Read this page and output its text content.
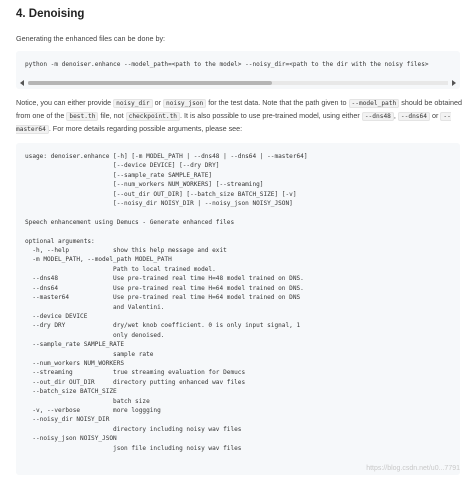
4. Denoising

Generating the enhanced files can be done by:

python -m denoiser.enhance --model_path=<path to the model> --noisy_dir=<path to the dir with the noisy files>

Notice, you can either provide noisy_dir or noisy_json for the test data. Note that the path given to --model_path should be obtained from one of the best.th file, not checkpoint.th . It is also possible to use pre-trained model, using either --dns48 , --dns64 or --master64 . For more details regarding possible arguments, please see:

usage: denoiser.enhance [-h] [-m MODEL_PATH | --dns48 | --dns64 | --master64]
[--device DEVICE] [--dry DRY]
[--sample_rate SAMPLE_RATE]
[--num_workers NUM_WORKERS] [--streaming]
[--out_dir OUT_DIR] [--batch_size BATCH_SIZE] [-v]
[--noisy_dir NOISY_DIR | --noisy_json NOISY_JSON]

Speech enhancement using Demucs - Generate enhanced files

optional arguments:
-h, --help            show this help message and exit
-m MODEL_PATH, --model_path MODEL_PATH
Path to local trained model.
--dns48               Use pre-trained real time H=48 model trained on DNS.
--dns64               Use pre-trained real time H=64 model trained on DNS.
--master64            Use pre-trained real time H=64 model trained on DNS
and Valentini.
--device DEVICE
--dry DRY             dry/wet knob coefficient. 0 is only input signal, 1
only denoised.
--sample_rate SAMPLE_RATE
sample rate
--num_workers NUM_WORKERS
--streaming           true streaming evaluation for Demucs
--out_dir OUT_DIR     directory putting enhanced wav files
--batch_size BATCH_SIZE
batch size
-v, --verbose         more loggging
--noisy_dir NOISY_DIR
directory including noisy wav files
--noisy_json NOISY_JSON
json file including noisy wav files

https://blog.csdn.net/u0...7791
